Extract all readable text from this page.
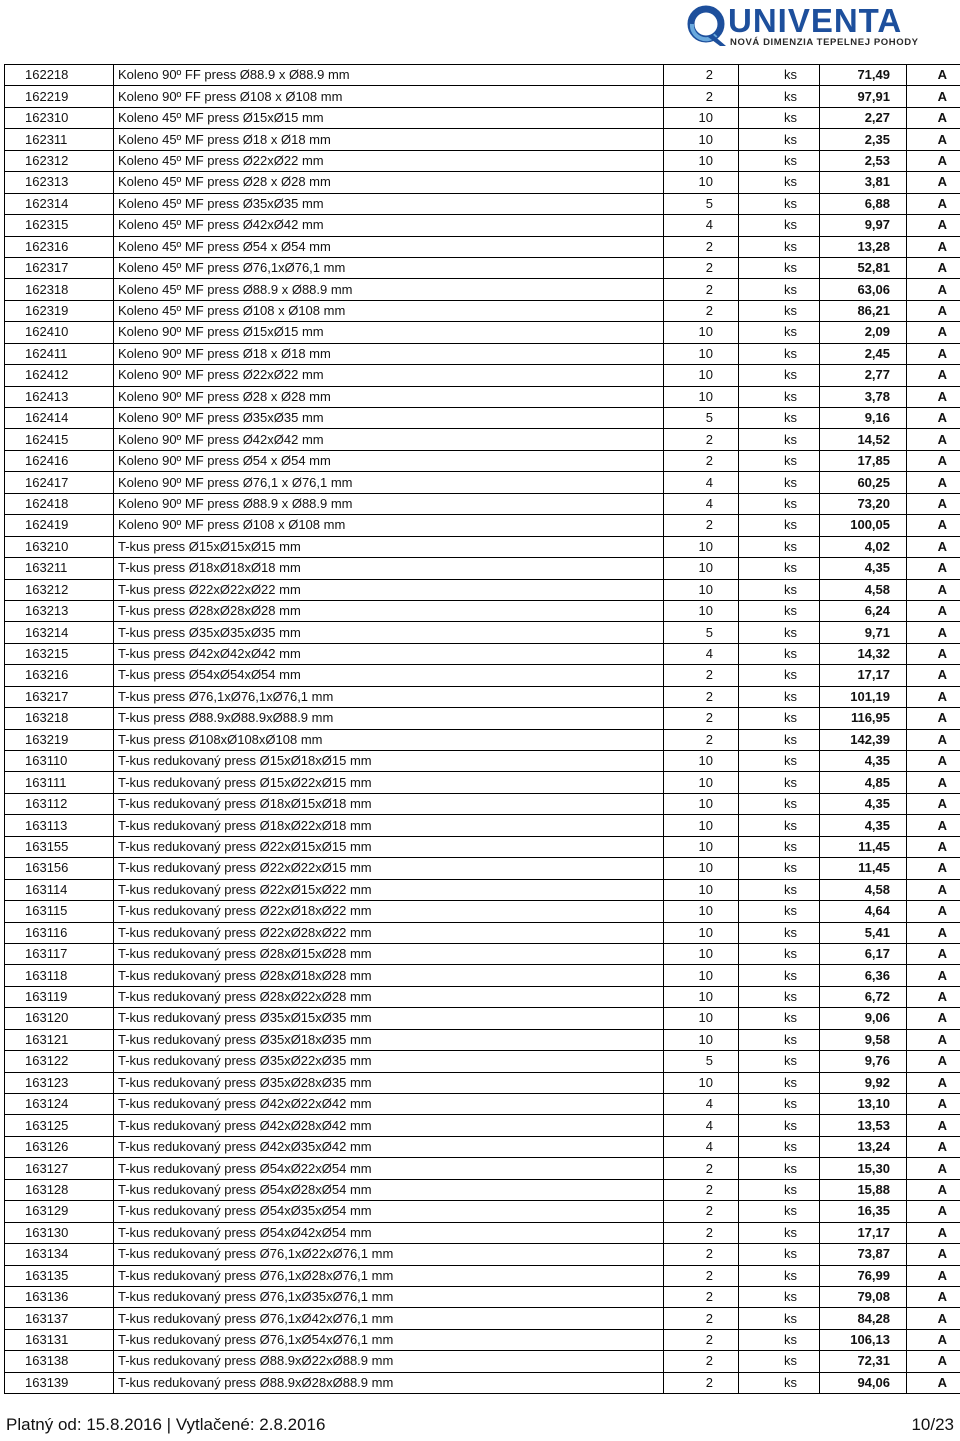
UNIVENTA
NOVÁ DIMENZIA TEPELNEJ POHODY
162218	Koleno 90º FF press Ø88.9 x Ø88.9 mm	2	ks	71,49	A
162219	Koleno 90º FF press Ø108 x Ø108 mm	2	ks	97,91	A
162310	Koleno 45º MF press Ø15xØ15 mm	10	ks	2,27	A
162311	Koleno 45º MF press Ø18 x Ø18 mm	10	ks	2,35	A
162312	Koleno 45º MF press Ø22xØ22 mm	10	ks	2,53	A
162313	Koleno 45º MF press Ø28 x Ø28 mm	10	ks	3,81	A
162314	Koleno 45º MF press Ø35xØ35 mm	5	ks	6,88	A
162315	Koleno 45º MF press Ø42xØ42 mm	4	ks	9,97	A
162316	Koleno 45º MF press Ø54 x Ø54 mm	2	ks	13,28	A
162317	Koleno 45º MF press Ø76,1xØ76,1 mm	2	ks	52,81	A
162318	Koleno 45º MF press Ø88.9 x Ø88.9 mm	2	ks	63,06	A
162319	Koleno 45º MF press Ø108 x Ø108 mm	2	ks	86,21	A
162410	Koleno 90º MF press Ø15xØ15 mm	10	ks	2,09	A
162411	Koleno 90º MF press Ø18 x Ø18 mm	10	ks	2,45	A
162412	Koleno 90º MF press Ø22xØ22 mm	10	ks	2,77	A
162413	Koleno 90º MF press Ø28 x Ø28 mm	10	ks	3,78	A
162414	Koleno 90º MF press Ø35xØ35 mm	5	ks	9,16	A
162415	Koleno 90º MF press Ø42xØ42 mm	2	ks	14,52	A
162416	Koleno 90º MF press Ø54 x Ø54 mm	2	ks	17,85	A
162417	Koleno 90º MF press Ø76,1 x Ø76,1 mm	4	ks	60,25	A
162418	Koleno 90º MF press Ø88.9 x Ø88.9 mm	4	ks	73,20	A
162419	Koleno 90º MF press Ø108 x Ø108 mm	2	ks	100,05	A
163210	T-kus press Ø15xØ15xØ15 mm	10	ks	4,02	A
163211	T-kus press Ø18xØ18xØ18 mm	10	ks	4,35	A
163212	T-kus press Ø22xØ22xØ22 mm	10	ks	4,58	A
163213	T-kus press Ø28xØ28xØ28 mm	10	ks	6,24	A
163214	T-kus press Ø35xØ35xØ35 mm	5	ks	9,71	A
163215	T-kus press Ø42xØ42xØ42 mm	4	ks	14,32	A
163216	T-kus press Ø54xØ54xØ54 mm	2	ks	17,17	A
163217	T-kus press Ø76,1xØ76,1xØ76,1 mm	2	ks	101,19	A
163218	T-kus press Ø88.9xØ88.9xØ88.9 mm	2	ks	116,95	A
163219	T-kus press Ø108xØ108xØ108 mm	2	ks	142,39	A
163110	T-kus redukovaný press Ø15xØ18xØ15 mm	10	ks	4,35	A
163111	T-kus redukovaný press Ø15xØ22xØ15 mm	10	ks	4,85	A
163112	T-kus redukovaný press Ø18xØ15xØ18 mm	10	ks	4,35	A
163113	T-kus redukovaný press Ø18xØ22xØ18 mm	10	ks	4,35	A
163155	T-kus redukovaný press Ø22xØ15xØ15 mm	10	ks	11,45	A
163156	T-kus redukovaný press Ø22xØ22xØ15 mm	10	ks	11,45	A
163114	T-kus redukovaný press Ø22xØ15xØ22 mm	10	ks	4,58	A
163115	T-kus redukovaný press Ø22xØ18xØ22 mm	10	ks	4,64	A
163116	T-kus redukovaný press Ø22xØ28xØ22 mm	10	ks	5,41	A
163117	T-kus redukovaný press Ø28xØ15xØ28 mm	10	ks	6,17	A
163118	T-kus redukovaný press Ø28xØ18xØ28 mm	10	ks	6,36	A
163119	T-kus redukovaný press Ø28xØ22xØ28 mm	10	ks	6,72	A
163120	T-kus redukovaný press Ø35xØ15xØ35 mm	10	ks	9,06	A
163121	T-kus redukovaný press Ø35xØ18xØ35 mm	10	ks	9,58	A
163122	T-kus redukovaný press Ø35xØ22xØ35 mm	5	ks	9,76	A
163123	T-kus redukovaný press Ø35xØ28xØ35 mm	10	ks	9,92	A
163124	T-kus redukovaný press Ø42xØ22xØ42 mm	4	ks	13,10	A
163125	T-kus redukovaný press Ø42xØ28xØ42 mm	4	ks	13,53	A
163126	T-kus redukovaný press Ø42xØ35xØ42 mm	4	ks	13,24	A
163127	T-kus redukovaný press Ø54xØ22xØ54 mm	2	ks	15,30	A
163128	T-kus redukovaný press Ø54xØ28xØ54 mm	2	ks	15,88	A
163129	T-kus redukovaný press Ø54xØ35xØ54 mm	2	ks	16,35	A
163130	T-kus redukovaný press Ø54xØ42xØ54 mm	2	ks	17,17	A
163134	T-kus redukovaný press Ø76,1xØ22xØ76,1 mm	2	ks	73,87	A
163135	T-kus redukovaný press Ø76,1xØ28xØ76,1 mm	2	ks	76,99	A
163136	T-kus redukovaný press Ø76,1xØ35xØ76,1 mm	2	ks	79,08	A
163137	T-kus redukovaný press Ø76,1xØ42xØ76,1 mm	2	ks	84,28	A
163131	T-kus redukovaný press Ø76,1xØ54xØ76,1 mm	2	ks	106,13	A
163138	T-kus redukovaný press Ø88.9xØ22xØ88.9 mm	2	ks	72,31	A
163139	T-kus redukovaný press Ø88.9xØ28xØ88.9 mm	2	ks	94,06	A
Platný od: 15.8.2016 | Vytlačené: 2.8.2016	10/23
